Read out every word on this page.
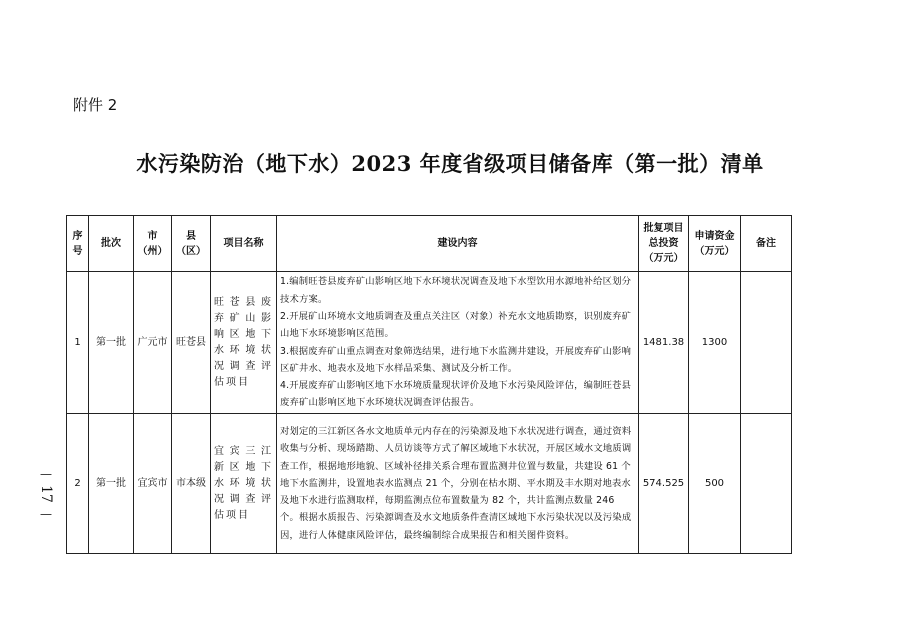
附件 2
水污染防治（地下水）2023 年度省级项目储备库（第一批）清单
—
17
—
序号	批次	市（州）	县（区）	项目名称	建设内容	批复项目总投资（万元）	申请资金（万元）	备注
1	第一批	广元市	旺苍县	旺苍县废弃矿山影响区地下水环境状况调查评估项目	1.编制旺苍县废弃矿山影响区地下水环境状况调查及地下水型饮用水源地补给区划分技术方案。
2.开展矿山环境水文地质调查及重点关注区（对象）补充水文地质勘察，识别废弃矿山地下水环境影响区范围。
3.根据废弃矿山重点调查对象筛选结果，进行地下水监测井建设，开展废弃矿山影响区矿井水、地表水及地下水样品采集、测试及分析工作。
4.开展废弃矿山影响区地下水环境质量现状评价及地下水污染风险评估，编制旺苍县废弃矿山影响区地下水环境状况调查评估报告。	1481.38	1300	
2	第一批	宜宾市	市本级	宜宾三江新区地下水环境状况调查评估项目	对划定的三江新区各水文地质单元内存在的污染源及地下水状况进行调查，通过资料收集与分析、现场踏勘、人员访谈等方式了解区域地下水状况，开展区域水文地质调查工作，根据地形地貌、区域补径排关系合理布置监测井位置与数量，共建设 61 个地下水监测井，设置地表水监测点 21 个，分别在枯水期、平水期及丰水期对地表水及地下水进行监测取样，每期监测点位布置数量为 82 个，共计监测点数量 246 个。根据水质报告、污染源调查及水文地质条件查清区域地下水污染状况以及污染成因，进行人体健康风险评估，最终编制综合成果报告和相关图件资料。	574.525	500	
